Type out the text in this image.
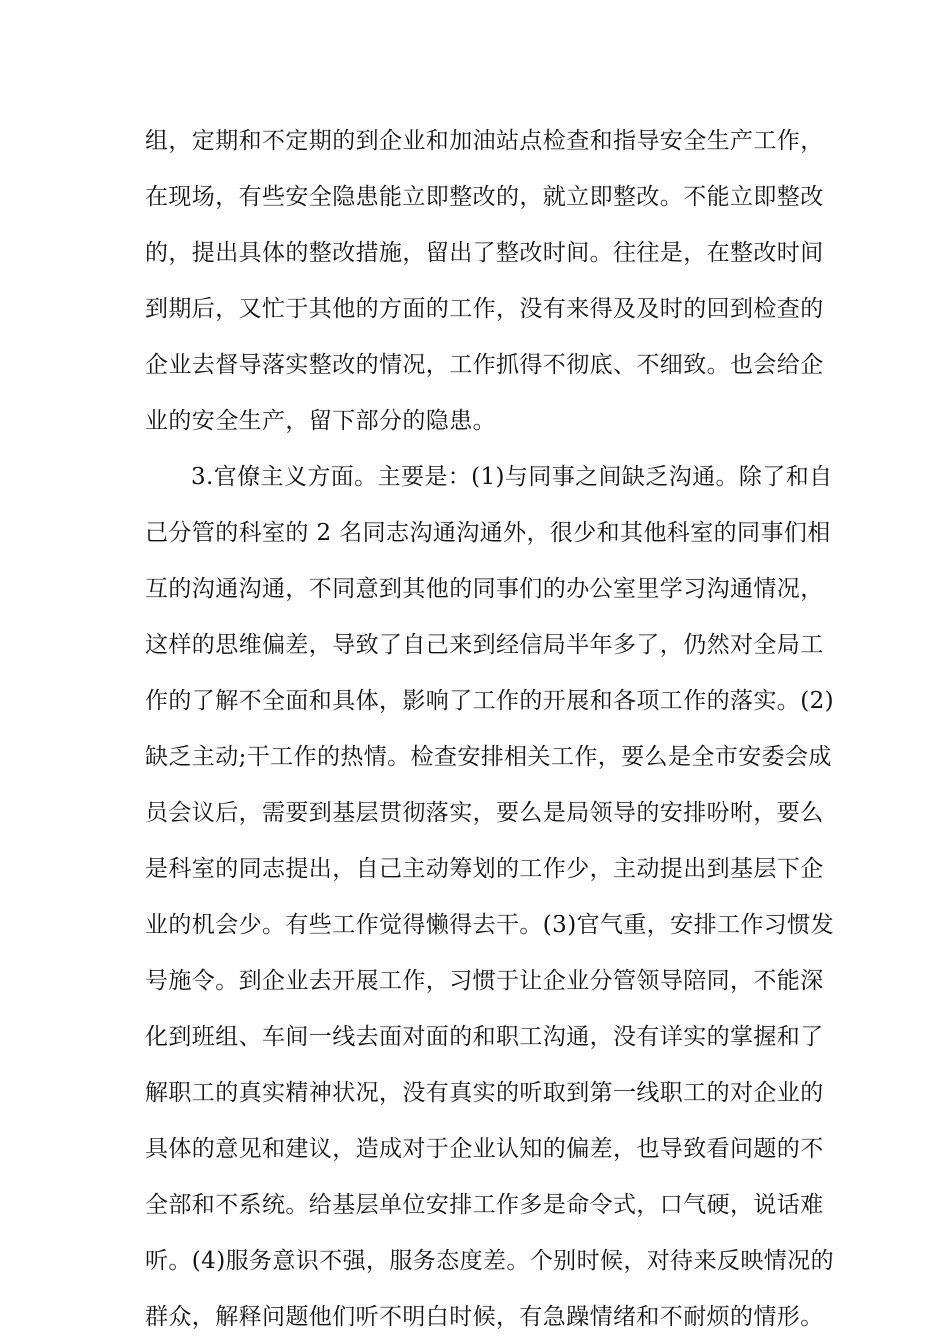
组，定期和不定期的到企业和加油站点检查和指导安全生产工作，
在现场，有些安全隐患能立即整改的，就立即整改。不能立即整改
的，提出具体的整改措施，留出了整改时间。往往是，在整改时间
到期后，又忙于其他的方面的工作，没有来得及及时的回到检查的
企业去督导落实整改的情况，工作抓得不彻底、不细致。也会给企
业的安全生产，留下部分的隐患。
3.官僚主义方面。主要是：(1)与同事之间缺乏沟通。除了和自
己分管的科室的 2 名同志沟通沟通外，很少和其他科室的同事们相
互的沟通沟通，不同意到其他的同事们的办公室里学习沟通情况，
这样的思维偏差，导致了自己来到经信局半年多了，仍然对全局工
作的了解不全面和具体，影响了工作的开展和各项工作的落实。(2)
缺乏主动;干工作的热情。检查安排相关工作，要么是全市安委会成
员会议后，需要到基层贯彻落实，要么是局领导的安排吩咐，要么
是科室的同志提出，自己主动筹划的工作少，主动提出到基层下企
业的机会少。有些工作觉得懒得去干。(3)官气重，安排工作习惯发
号施令。到企业去开展工作，习惯于让企业分管领导陪同，不能深
化到班组、车间一线去面对面的和职工沟通，没有详实的掌握和了
解职工的真实精神状况，没有真实的听取到第一线职工的对企业的
具体的意见和建议，造成对于企业认知的偏差，也导致看问题的不
全部和不系统。给基层单位安排工作多是命令式，口气硬，说话难
听。(4)服务意识不强，服务态度差。个别时候，对待来反映情况的
群众，解释问题他们听不明白时候，有急躁情绪和不耐烦的情形。
